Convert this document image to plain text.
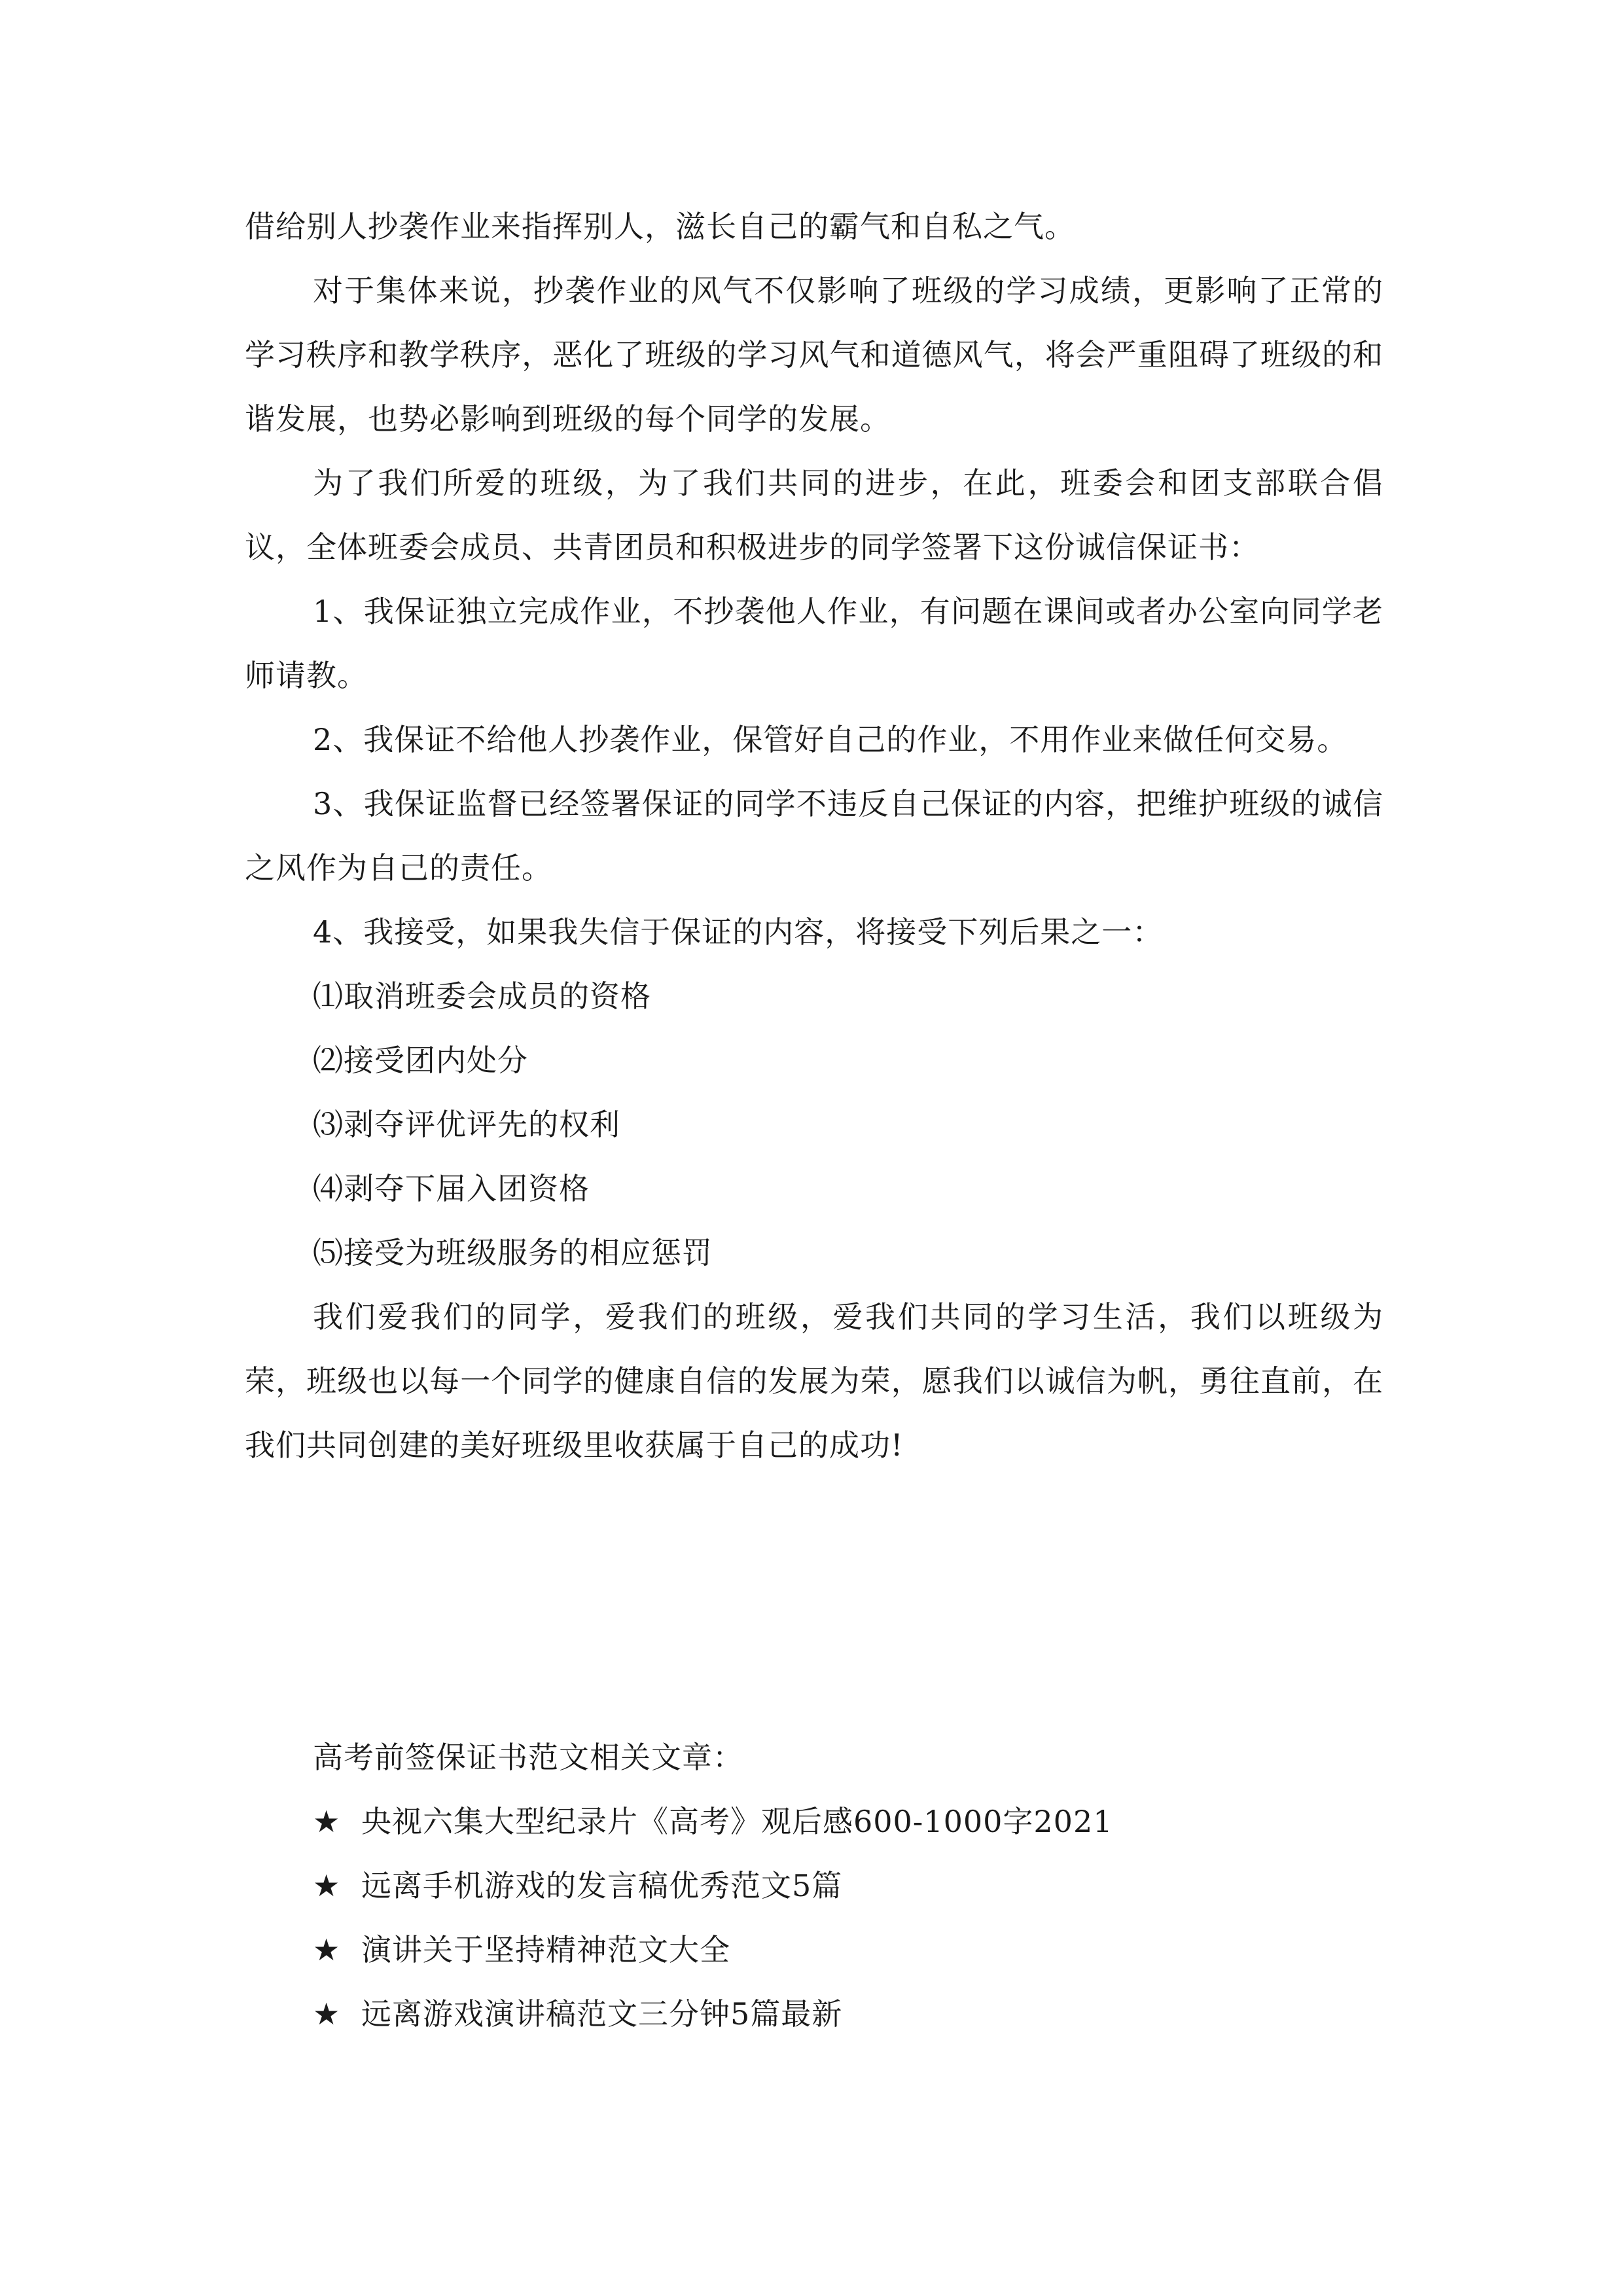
借给别人抄袭作业来指挥别人，滋长自己的霸气和自私之气。

对于集体来说，抄袭作业的风气不仅影响了班级的学习成绩，更影响了正常的学习秩序和教学秩序，恶化了班级的学习风气和道德风气，将会严重阻碍了班级的和谐发展，也势必影响到班级的每个同学的发展。

为了我们所爱的班级，为了我们共同的进步，在此，班委会和团支部联合倡议，全体班委会成员、共青团员和积极进步的同学签署下这份诚信保证书：

1、我保证独立完成作业，不抄袭他人作业，有问题在课间或者办公室向同学老师请教。

2、我保证不给他人抄袭作业，保管好自己的作业，不用作业来做任何交易。

3、我保证监督已经签署保证的同学不违反自己保证的内容，把维护班级的诚信之风作为自己的责任。

4、我接受，如果我失信于保证的内容，将接受下列后果之一：

⑴取消班委会成员的资格

⑵接受团内处分

⑶剥夺评优评先的权利

⑷剥夺下届入团资格

⑸接受为班级服务的相应惩罚

我们爱我们的同学，爱我们的班级，爱我们共同的学习生活，我们以班级为荣，班级也以每一个同学的健康自信的发展为荣，愿我们以诚信为帆，勇往直前，在我们共同创建的美好班级里收获属于自己的成功!

高考前签保证书范文相关文章：

★ 央视六集大型纪录片《高考》观后感600-1000字2021
★ 远离手机游戏的发言稿优秀范文5篇
★ 演讲关于坚持精神范文大全
★ 远离游戏演讲稿范文三分钟5篇最新
